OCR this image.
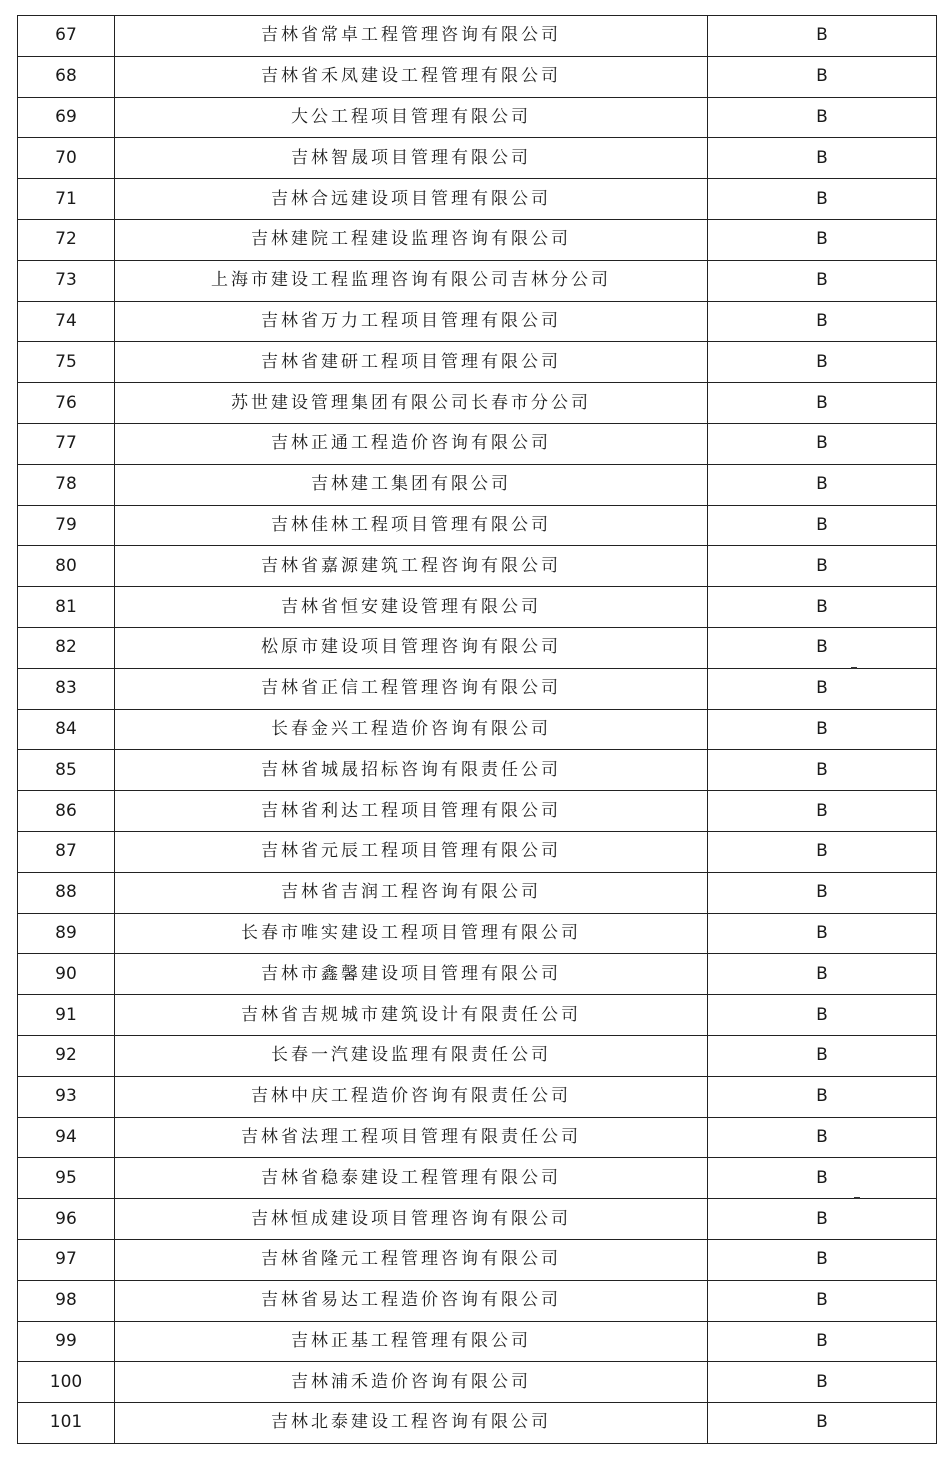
67	吉林省常卓工程管理咨询有限公司	B
68	吉林省禾凤建设工程管理有限公司	B
69	大公工程项目管理有限公司	B
70	吉林智晟项目管理有限公司	B
71	吉林合远建设项目管理有限公司	B
72	吉林建院工程建设监理咨询有限公司	B
73	上海市建设工程监理咨询有限公司吉林分公司	B
74	吉林省万力工程项目管理有限公司	B
75	吉林省建研工程项目管理有限公司	B
76	苏世建设管理集团有限公司长春市分公司	B
77	吉林正通工程造价咨询有限公司	B
78	吉林建工集团有限公司	B
79	吉林佳林工程项目管理有限公司	B
80	吉林省嘉源建筑工程咨询有限公司	B
81	吉林省恒安建设管理有限公司	B
82	松原市建设项目管理咨询有限公司	B
83	吉林省正信工程管理咨询有限公司	B
84	长春金兴工程造价咨询有限公司	B
85	吉林省城晟招标咨询有限责任公司	B
86	吉林省利达工程项目管理有限公司	B
87	吉林省元辰工程项目管理有限公司	B
88	吉林省吉润工程咨询有限公司	B
89	长春市唯实建设工程项目管理有限公司	B
90	吉林市鑫馨建设项目管理有限公司	B
91	吉林省吉规城市建筑设计有限责任公司	B
92	长春一汽建设监理有限责任公司	B
93	吉林中庆工程造价咨询有限责任公司	B
94	吉林省法理工程项目管理有限责任公司	B
95	吉林省稳泰建设工程管理有限公司	B
96	吉林恒成建设项目管理咨询有限公司	B
97	吉林省隆元工程管理咨询有限公司	B
98	吉林省易达工程造价咨询有限公司	B
99	吉林正基工程管理有限公司	B
100	吉林浦禾造价咨询有限公司	B
101	吉林北泰建设工程咨询有限公司	B
